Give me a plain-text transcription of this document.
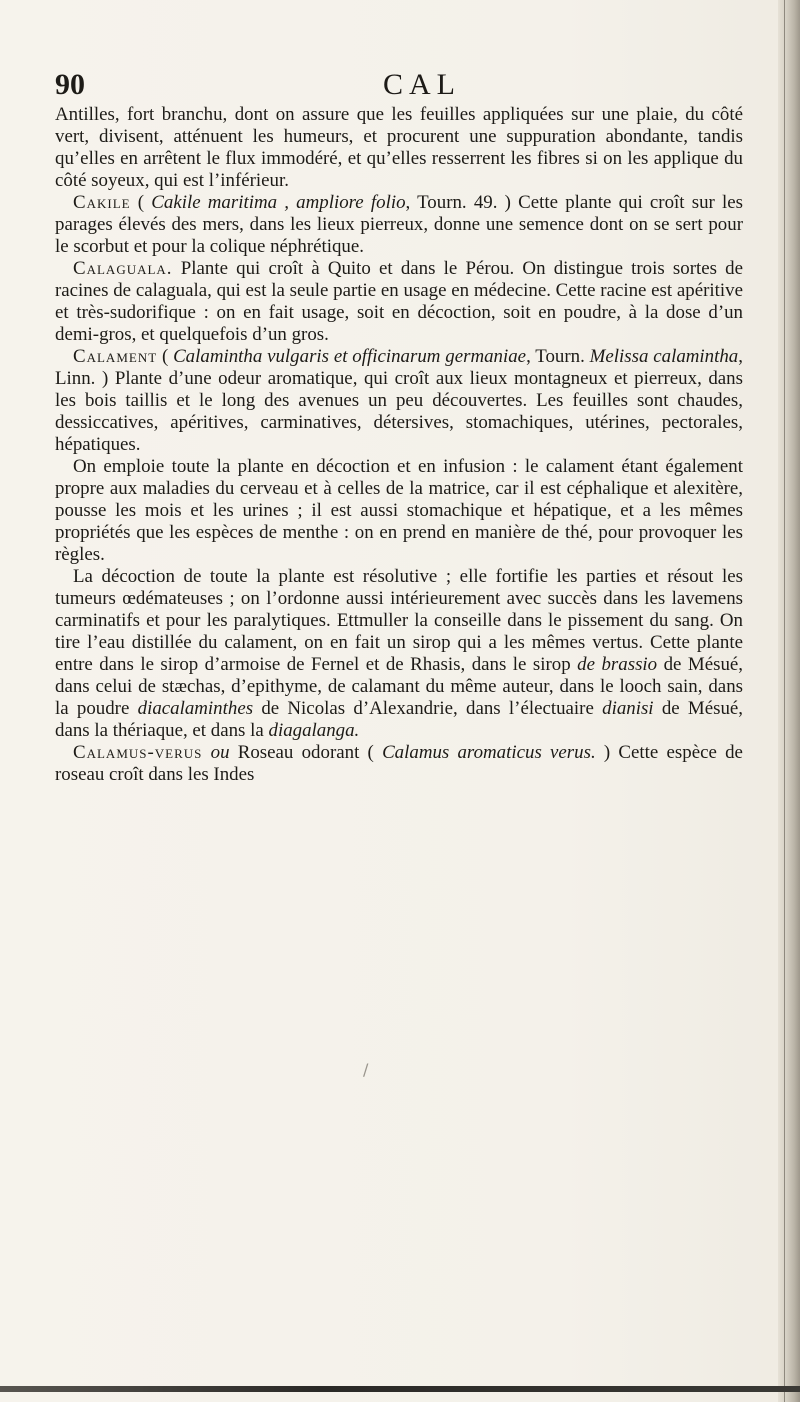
90	CAL

Antilles, fort branchu, dont on assure que les feuilles appliquées sur une plaie, du côté vert, divisent, atténuent les humeurs, et procurent une suppuration abondante, tandis qu’elles en arrêtent le flux immodéré, et qu’elles resserrent les fibres si on les applique du côté soyeux, qui est l’inférieur.

Cakile ( Cakile maritima , ampliore folio, Tourn. 49. ) Cette plante qui croît sur les parages élevés des mers, dans les lieux pierreux, donne une semence dont on se sert pour le scorbut et pour la colique néphrétique.

Calaguala. Plante qui croît à Quito et dans le Pérou. On distingue trois sortes de racines de calaguala, qui est la seule partie en usage en médecine. Cette racine est apéritive et très-sudorifique : on en fait usage, soit en décoction, soit en poudre, à la dose d’un demi-gros, et quelquefois d’un gros.

Calament ( Calamintha vulgaris et officinarum germaniae, Tourn. Melissa calamintha, Linn. ) Plante d’une odeur aromatique, qui croît aux lieux montagneux et pierreux, dans les bois taillis et le long des avenues un peu découvertes. Les feuilles sont chaudes, dessiccatives, apéritives, carminatives, détersives, stomachiques, utérines, pectorales, hépatiques.

On emploie toute la plante en décoction et en infusion : le calament étant également propre aux maladies du cerveau et à celles de la matrice, car il est céphalique et alexitère, pousse les mois et les urines ; il est aussi stomachique et hépatique, et a les mêmes propriétés que les espèces de menthe : on en prend en manière de thé, pour provoquer les règles.

La décoction de toute la plante est résolutive ; elle fortifie les parties et résout les tumeurs œdémateuses ; on l’ordonne aussi intérieurement avec succès dans les lavemens carminatifs et pour les paralytiques. Ettmuller la conseille dans le pissement du sang. On tire l’eau distillée du calament, on en fait un sirop qui a les mêmes vertus. Cette plante entre dans le sirop d’armoise de Fernel et de Rhasis, dans le sirop de brassio de Mésué, dans celui de stæchas, d’epithyme, de calamant du même auteur, dans le looch sain, dans la poudre diacalaminthes de Nicolas d’Alexandrie, dans l’électuaire dianisi de Mésué, dans la thériaque, et dans la diagalanga.

Calamus-verus ou Roseau odorant ( Calamus aromaticus verus. ) Cette espèce de roseau croît dans les Indes

/
